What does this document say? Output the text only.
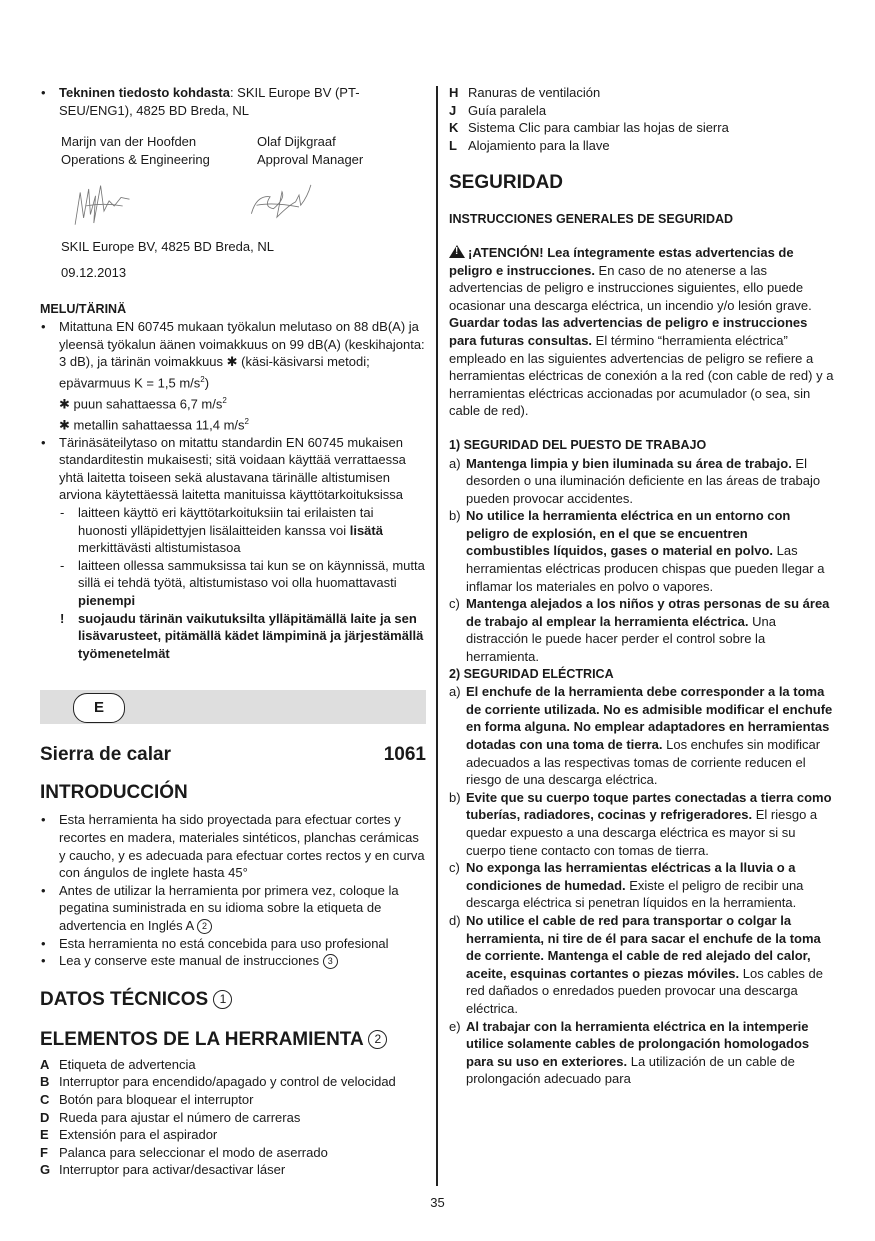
• Tekninen tiedosto kohdasta: SKIL Europe BV (PT-SEU/ENG1), 4825 BD Breda, NL
Marijn van der Hoofden
Operations & Engineering
Olaf Dijkgraaf
Approval Manager
SKIL Europe BV, 4825 BD Breda, NL
09.12.2013
MELU/TÄRINÄ
• Mitattuna EN 60745 mukaan työkalun melutaso on 88 dB(A) ja yleensä työkalun äänen voimakkuus on 99 dB(A) (keskihajonta: 3 dB), ja tärinän voimakkuus ✱ (käsi-käsivarsi metodi; epävarmuus K = 1,5 $m/s^2$)
✱ puun sahattaessa 6,7 $m/s^2$
✱ metallin sahattaessa 11,4 $m/s^2$
• Tärinäsäteilytaso on mitattu standardin EN 60745 mukaisen standarditestin mukaisesti; sitä voidaan käyttää verrattaessa yhtä laitetta toiseen sekä alustavana tärinälle altistumisen arviona käytettäessä laitetta manituissa käyttötarkoituksissa
- laitteen käyttö eri käyttötarkoituksiin tai erilaisten tai huonosti ylläpidettyjen lisälaitteiden kanssa voi lisätä merkittävästi altistumistasoa
- laitteen ollessa sammuksissa tai kun se on käynnissä, mutta sillä ei tehdä työtä, altistumistaso voi olla huomattavasti pienempi
! suojaudu tärinän vaikutuksilta ylläpitämällä laite ja sen lisävarusteet, pitämällä kädet lämpiminä ja järjestämällä työmenetelmät
E
Sierra de calar	1061
INTRODUCCIÓN
• Esta herramienta ha sido proyectada para efectuar cortes y recortes en madera, materiales sintéticos, planchas cerámicas y caucho, y es adecuada para efectuar cortes rectos y en curva con ángulos de inglete hasta 45°
• Antes de utilizar la herramienta por primera vez, coloque la pegatina suministrada en su idioma sobre la etiqueta de advertencia en Inglés A 2
• Esta herramienta no está concebida para uso profesional
• Lea y conserve este manual de instrucciones 3
DATOS TÉCNICOS 1
ELEMENTOS DE LA HERRAMIENTA 2
A Etiqueta de advertencia
B Interruptor para encendido/apagado y control de velocidad
C Botón para bloquear el interruptor
D Rueda para ajustar el número de carreras
E Extensión para el aspirador
F Palanca para seleccionar el modo de aserrado
G Interruptor para activar/desactivar láser
H Ranuras de ventilación
J Guía paralela
K Sistema Clic para cambiar las hojas de sierra
L Alojamiento para la llave
SEGURIDAD
INSTRUCCIONES GENERALES DE SEGURIDAD
!¡ATENCIÓN! Lea íntegramente estas advertencias de peligro e instrucciones. En caso de no atenerse a las advertencias de peligro e instrucciones siguientes, ello puede ocasionar una descarga eléctrica, un incendio y/o lesión grave. Guardar todas las advertencias de peligro e instrucciones para futuras consultas. El término “herramienta eléctrica” empleado en las siguientes advertencias de peligro se refiere a herramientas eléctricas de conexión a la red (con cable de red) y a herramientas eléctricas accionadas por acumulador (o sea, sin cable de red).
1) SEGURIDAD DEL PUESTO DE TRABAJO
a) Mantenga limpia y bien iluminada su área de trabajo. El desorden o una iluminación deficiente en las áreas de trabajo pueden provocar accidentes.
b) No utilice la herramienta eléctrica en un entorno con peligro de explosión, en el que se encuentren combustibles líquidos, gases o material en polvo. Las herramientas eléctricas producen chispas que pueden llegar a inflamar los materiales en polvo o vapores.
c) Mantenga alejados a los niños y otras personas de su área de trabajo al emplear la herramienta eléctrica. Una distracción le puede hacer perder el control sobre la herramienta.
2) SEGURIDAD ELÉCTRICA
a) El enchufe de la herramienta debe corresponder a la toma de corriente utilizada. No es admisible modificar el enchufe en forma alguna. No emplear adaptadores en herramientas dotadas con una toma de tierra. Los enchufes sin modificar adecuados a las respectivas tomas de corriente reducen el riesgo de una descarga eléctrica.
b) Evite que su cuerpo toque partes conectadas a tierra como tuberías, radiadores, cocinas y refrigeradores. El riesgo a quedar expuesto a una descarga eléctrica es mayor si su cuerpo tiene contacto con tomas de tierra.
c) No exponga las herramientas eléctricas a la lluvia o a condiciones de humedad. Existe el peligro de recibir una descarga eléctrica si penetran líquidos en la herramienta.
d) No utilice el cable de red para transportar o colgar la herramienta, ni tire de él para sacar el enchufe de la toma de corriente. Mantenga el cable de red alejado del calor, aceite, esquinas cortantes o piezas móviles. Los cables de red dañados o enredados pueden provocar una descarga eléctrica.
e) Al trabajar con la herramienta eléctrica en la intemperie utilice solamente cables de prolongación homologados para su uso en exteriores. La utilización de un cable de prolongación adecuado para
35
